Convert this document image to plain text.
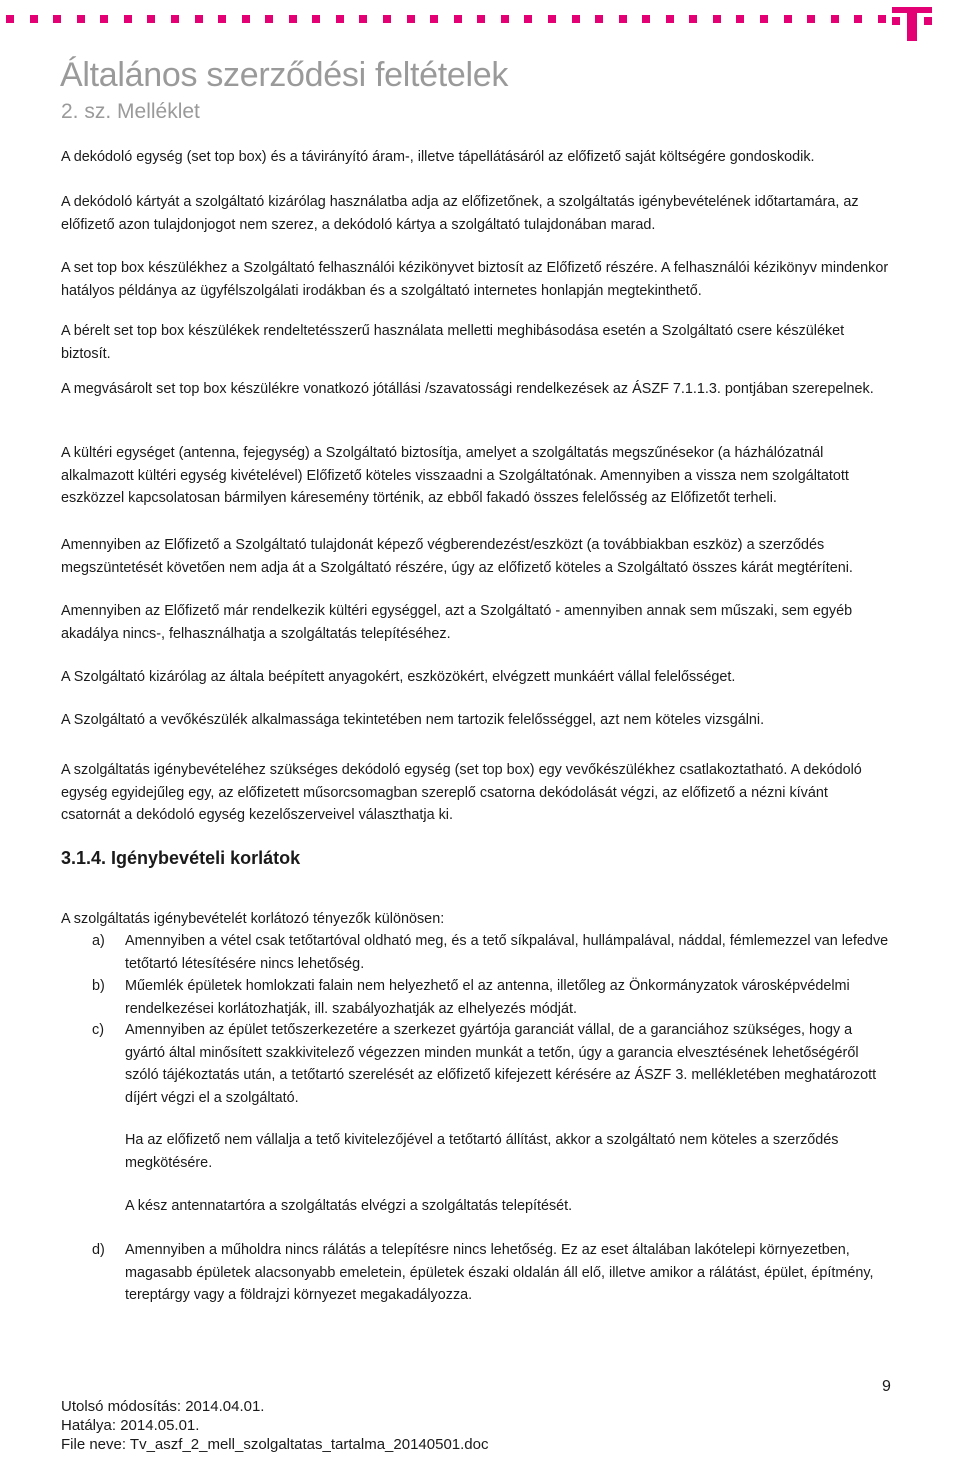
Általános szerződési feltételek
2. sz. Melléklet

A dekódoló egység (set top box) és a távirányító áram-, illetve tápellátásáról az előfizető saját költségére gondoskodik.

A dekódoló kártyát a szolgáltató kizárólag használatba adja az előfizetőnek, a szolgáltatás igénybevételének időtartamára, az előfizető azon tulajdonjogot nem szerez, a dekódoló kártya a szolgáltató tulajdonában marad.

A set top box készülékhez a Szolgáltató felhasználói kézikönyvet biztosít az Előfizető részére. A felhasználói kézikönyv mindenkor hatályos példánya az ügyfélszolgálati irodákban és a szolgáltató internetes honlapján megtekinthető.

A bérelt set top box készülékek rendeltetésszerű használata melletti meghibásodása esetén a Szolgáltató csere készüléket biztosít.

A megvásárolt set top box készülékre vonatkozó jótállási /szavatossági rendelkezések az ÁSZF 7.1.1.3. pontjában szerepelnek.

A kültéri egységet (antenna, fejegység) a Szolgáltató biztosítja, amelyet a szolgáltatás megszűnésekor (a házhálózatnál alkalmazott kültéri egység kivételével) Előfizető köteles visszaadni a Szolgáltatónak. Amennyiben a vissza nem szolgáltatott eszközzel kapcsolatosan bármilyen káresemény történik, az ebből fakadó összes felelősség az Előfizetőt terheli.

Amennyiben az Előfizető a Szolgáltató tulajdonát képező végberendezést/eszközt (a továbbiakban eszköz) a szerződés megszüntetését követően nem adja át a Szolgáltató részére, úgy az előfizető köteles a Szolgáltató összes kárát megtéríteni.

Amennyiben az Előfizető már rendelkezik kültéri egységgel, azt a Szolgáltató - amennyiben annak sem műszaki, sem egyéb akadálya nincs-, felhasználhatja a szolgáltatás telepítéséhez.

A Szolgáltató kizárólag az általa beépített anyagokért, eszközökért, elvégzett munkáért vállal felelősséget.

A Szolgáltató a vevőkészülék alkalmassága tekintetében nem tartozik felelősséggel, azt nem köteles vizsgálni.

A szolgáltatás igénybevételéhez szükséges dekódoló egység (set top box) egy vevőkészülékhez csatlakoztatható. A dekódoló egység egyidejűleg egy, az előfizetett műsorcsomagban szereplő csatorna dekódolását végzi, az előfizető a nézni kívánt csatornát a dekódoló egység kezelőszerveivel választhatja ki.

3.1.4. Igénybevételi korlátok

A szolgáltatás igénybevételét korlátozó tényezők különösen:

a)	Amennyiben a vétel csak tetőtartóval oldható meg, és a tető síkpalával, hullámpalával, náddal, fémlemezzel van lefedve tetőtartó létesítésére nincs lehetőség.
b)	Műemlék épületek homlokzati falain nem helyezhető el az antenna, illetőleg az Önkormányzatok városképvédelmi rendelkezései korlátozhatják, ill. szabályozhatják az elhelyezés módját.
c)	Amennyiben az épület tetőszerkezetére a szerkezet gyártója garanciát vállal, de a garanciához szükséges, hogy a gyártó által minősített szakkivitelező végezzen minden munkát a tetőn, úgy a garancia elvesztésének lehetőségéről szóló tájékoztatás után, a tetőtartó szerelését az előfizető kifejezett kérésére az ÁSZF 3. mellékletében meghatározott díjért végzi el a szolgáltató.

Ha az előfizető nem vállalja a tető kivitelezőjével a tetőtartó állítást, akkor a szolgáltató nem köteles a szerződés megkötésére.

A kész antennatartóra a szolgáltatás elvégzi a szolgáltatás telepítését.

d)	Amennyiben a műholdra nincs rálátás a telepítésre nincs lehetőség. Ez az eset általában lakótelepi környezetben, magasabb épületek alacsonyabb emeletein, épületek északi oldalán áll elő, illetve amikor a rálátást, épület, építmény, tereptárgy vagy a földrajzi környezet megakadályozza.
9
Utolsó módosítás: 2014.04.01.
Hatálya: 2014.05.01.
File neve: Tv_aszf_2_mell_szolgaltatas_tartalma_20140501.doc
